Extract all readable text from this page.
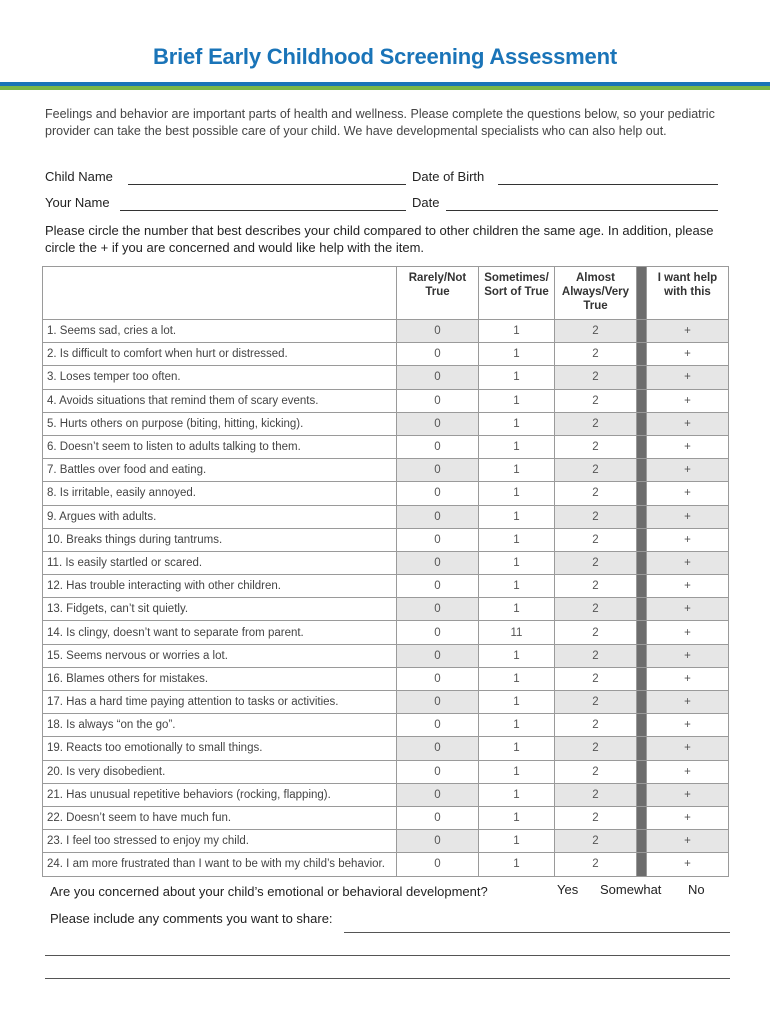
Brief Early Childhood Screening Assessment
Feelings and behavior are important parts of health and wellness. Please complete the questions below, so your pediatric provider can take the best possible care of your child. We have developmental specialists who can also help out.
Child Name	Date of Birth
Your Name	Date
Please circle the number that best describes your child compared to other children the same age. In addition, please circle the + if you are concerned and would like help with the item.
	Rarely/Not True	Sometimes/ Sort of True	Almost Always/Very True		I want help with this
1. Seems sad, cries a lot.	0	1	2		+
2. Is difficult to comfort when hurt or distressed.	0	1	2		+
3. Loses temper too often.	0	1	2		+
4. Avoids situations that remind them of scary events.	0	1	2		+
5. Hurts others on purpose (biting, hitting, kicking).	0	1	2		+
6. Doesn’t seem to listen to adults talking to them.	0	1	2		+
7. Battles over food and eating.	0	1	2		+
8. Is irritable, easily annoyed.	0	1	2		+
9. Argues with adults.	0	1	2		+
10. Breaks things during tantrums.	0	1	2		+
11. Is easily startled or scared.	0	1	2		+
12. Has trouble interacting with other children.	0	1	2		+
13. Fidgets, can’t sit quietly.	0	1	2		+
14. Is clingy, doesn’t want to separate from parent.	0	11	2		+
15. Seems nervous or worries a lot.	0	1	2		+
16. Blames others for mistakes.	0	1	2		+
17. Has a hard time paying attention to tasks or activities.	0	1	2		+
18. Is always “on the go”.	0	1	2		+
19. Reacts too emotionally to small things.	0	1	2		+
20. Is very disobedient.	0	1	2		+
21. Has unusual repetitive behaviors (rocking, flapping).	0	1	2		+
22. Doesn’t seem to have much fun.	0	1	2		+
23. I feel too stressed to enjoy my child.	0	1	2		+
24. I am more frustrated than I want to be with my child’s behavior.	0	1	2		+
Are you concerned about your child’s emotional or behavioral development?	Yes Somewhat No
Please include any comments you want to share:
